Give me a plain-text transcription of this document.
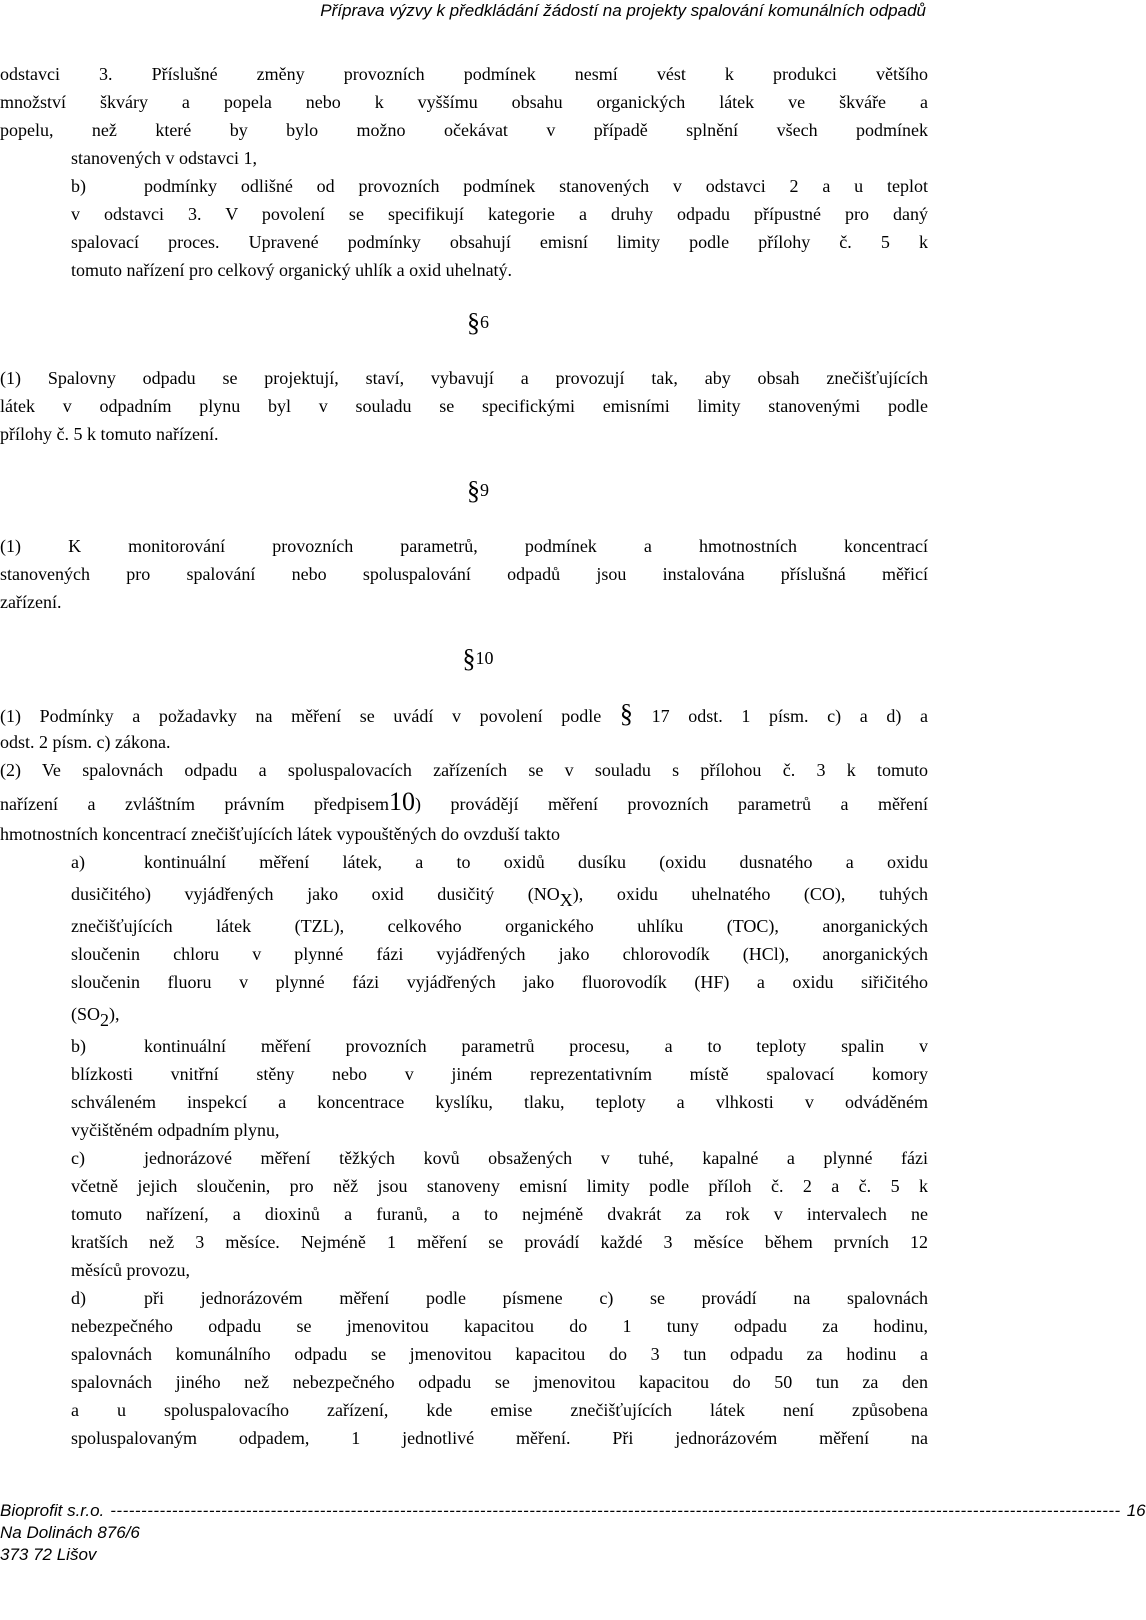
Příprava výzvy k předkládání žádostí na projekty spalování komunálních odpadů
odstavci 3. Příslušné změny provozních podmínek nesmí vést k produkci většího
množství škváry a popela nebo k vyššímu obsahu organických látek ve škváře a
popelu, než které by bylo možno očekávat v případě splnění všech podmínek
stanovených v odstavci 1,
b)	podmínky odlišné od provozních podmínek stanovených v odstavci 2 a u teplot
v odstavci 3. V povolení se specifikují kategorie a druhy odpadu přípustné pro daný
spalovací proces. Upravené podmínky obsahují emisní limity podle přílohy č. 5 k
tomuto nařízení pro celkový organický uhlík a oxid uhelnatý.
§6
(1) Spalovny odpadu se projektují, staví, vybavují a provozují tak, aby obsah znečišťujících
látek v odpadním plynu byl v souladu se specifickými emisními limity stanovenými podle
přílohy č. 5 k tomuto nařízení.
§9
(1) K monitorování provozních parametrů, podmínek a hmotnostních koncentrací
stanovených pro spalování nebo spoluspalování odpadů jsou instalována příslušná měřicí
zařízení.
§10
(1) Podmínky a požadavky na měření se uvádí v povolení podle § 17 odst. 1 písm. c) a d) a
odst. 2 písm. c) zákona.
(2) Ve spalovnách odpadu a spoluspalovacích zařízeních se v souladu s přílohou č. 3 k tomuto
nařízení a zvláštním právním předpisem10) provádějí měření provozních parametrů a měření
hmotnostních koncentrací znečišťujících látek vypouštěných do ovzduší takto
a)	kontinuální měření látek, a to oxidů dusíku (oxidu dusnatého a oxidu
dusičitého) vyjádřených jako oxid dusičitý (NOX), oxidu uhelnatého (CO), tuhých
znečišťujících látek (TZL), celkového organického uhlíku (TOC), anorganických
sloučenin chloru v plynné fázi vyjádřených jako chlorovodík (HCl), anorganických
sloučenin fluoru v plynné fázi vyjádřených jako fluorovodík (HF) a oxidu siřičitého
(SO2),
b)	kontinuální měření provozních parametrů procesu, a to teploty spalin v
blízkosti vnitřní stěny nebo v jiném reprezentativním místě spalovací komory
schváleném inspekcí a koncentrace kyslíku, tlaku, teploty a vlhkosti v odváděném
vyčištěném odpadním plynu,
c)	jednorázové měření těžkých kovů obsažených v tuhé, kapalné a plynné fázi
včetně jejich sloučenin, pro něž jsou stanoveny emisní limity podle příloh č. 2 a č. 5 k
tomuto nařízení, a dioxinů a furanů, a to nejméně dvakrát za rok v intervalech ne
kratších než 3 měsíce. Nejméně 1 měření se provádí každé 3 měsíce během prvních 12
měsíců provozu,
d)	při jednorázovém měření podle písmene c) se provádí na spalovnách
nebezpečného odpadu se jmenovitou kapacitou do 1 tuny odpadu za hodinu,
spalovnách komunálního odpadu se jmenovitou kapacitou do 3 tun odpadu za hodinu a
spalovnách jiného než nebezpečného odpadu se jmenovitou kapacitou do 50 tun za den
a u spoluspalovacího zařízení, kde emise znečišťujících látek není způsobena
spoluspalovaným odpadem, 1 jednotlivé měření. Při jednorázovém měření na
Bioprofit s.r.o. -------------------------------------------------------------------------------------------------------------------------------------------------------------------- 16
Na Dolinách 876/6
373 72 Lišov
